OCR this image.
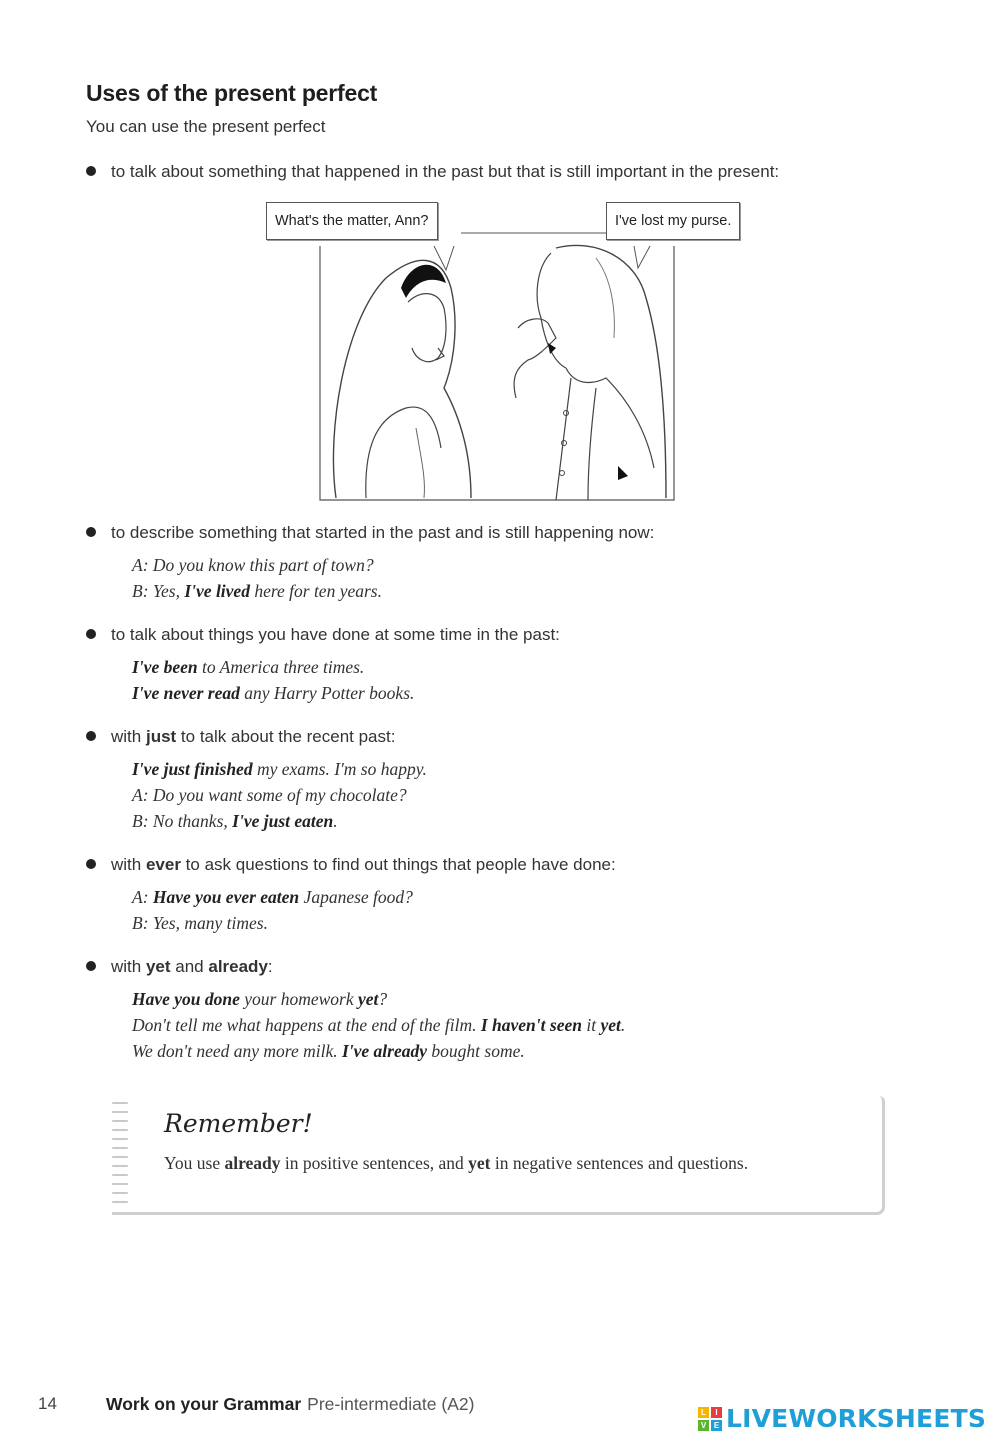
Uses of the present perfect
You can use the present perfect
to talk about something that happened in the past but that is still important in the present:
What's the matter, Ann?	I've lost my purse.
to describe something that started in the past and is still happening now:
A: Do you know this part of town?
B: Yes, I've lived here for ten years.
to talk about things you have done at some time in the past:
I've been to America three times.
I've never read any Harry Potter books.
with just to talk about the recent past:
I've just finished my exams. I'm so happy.
A: Do you want some of my chocolate?
B: No thanks, I've just eaten.
with ever to ask questions to find out things that people have done:
A: Have you ever eaten Japanese food?
B: Yes, many times.
with yet and already:
Have you done your homework yet?
Don't tell me what happens at the end of the film. I haven't seen it yet.
We don't need any more milk. I've already bought some.
Remember!
You use already in positive sentences, and yet in negative sentences and questions.
14	Work on your Grammar Pre-intermediate (A2)	L	I
V E LIVEWORKSHEETS
